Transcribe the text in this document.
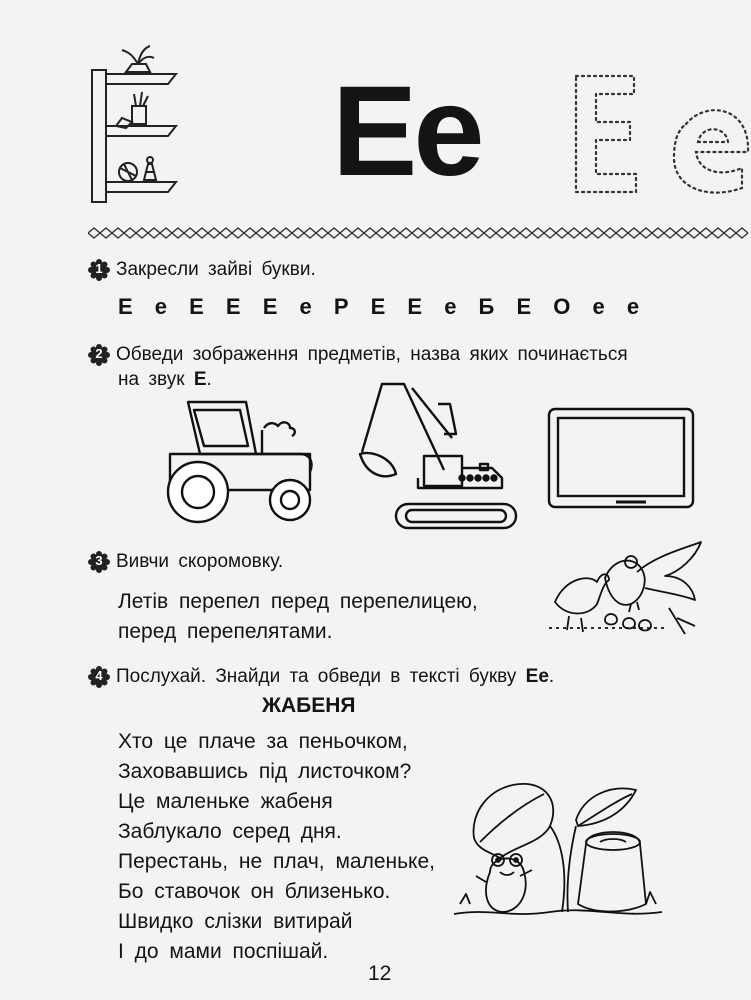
Ee
1 Закресли зайві букви.
Е е Е Е Е е Р Е Е е Б Е О е е
2 Обведи зображення предметів, назва яких починається
на звук Е.
3 Вивчи скоромовку.
Летів перепел перед перепелицею,
перед перепелятами.
4 Послухай. Знайди та обведи в тексті букву Ее.
ЖАБЕНЯ
Хто це плаче за пеньочком,
Заховавшись під листочком?
Це маленьке жабеня
Заблукало серед дня.
Перестань, не плач, маленьке,
Бо ставочок он близенько.
Швидко слізки витирай
І до мами поспішай.
12
